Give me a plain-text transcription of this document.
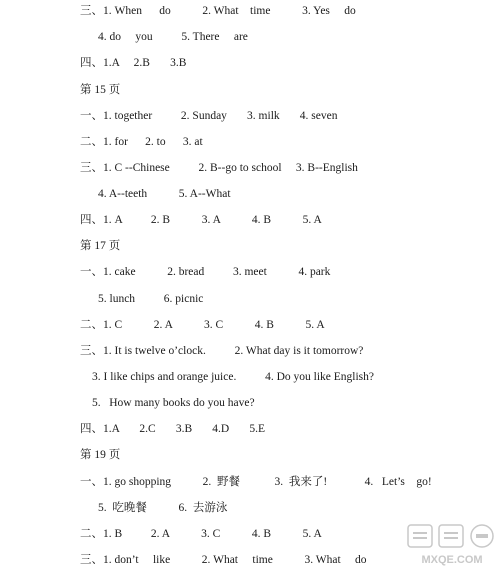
三、1. When      do           2. What    time           3. Yes     do
4. do     you          5. There     are
四、1.A     2.B       3.B
第 15 页
一、1. together          2. Sunday       3. milk       4. seven
二、1. for      2. to      3. at
三、1. C --Chinese          2. B--go to school     3. B--English
4. A--teeth           5. A--What
四、1. A          2. B           3. A           4. B           5. A
第 17 页
一、1. cake           2. bread          3. meet           4. park
5. lunch          6. picnic
二、1. C           2. A           3. C           4. B           5. A
三、1. It is twelve o’clock.          2. What day is it tomorrow?
3. I like chips and orange juice.          4. Do you like English?
5.   How many books do you have?
四、1.A       2.C       3.B       4.D       5.E
第 19 页
一、1. go shopping           2.  野餐            3.  我来了!             4.   Let’s    go!
5.  吃晚餐           6.  去游泳
二、1. B          2. A           3. C           4. B           5. A
三、1. don’t     like           2. What     time           3. What     do	MXQE.COM
